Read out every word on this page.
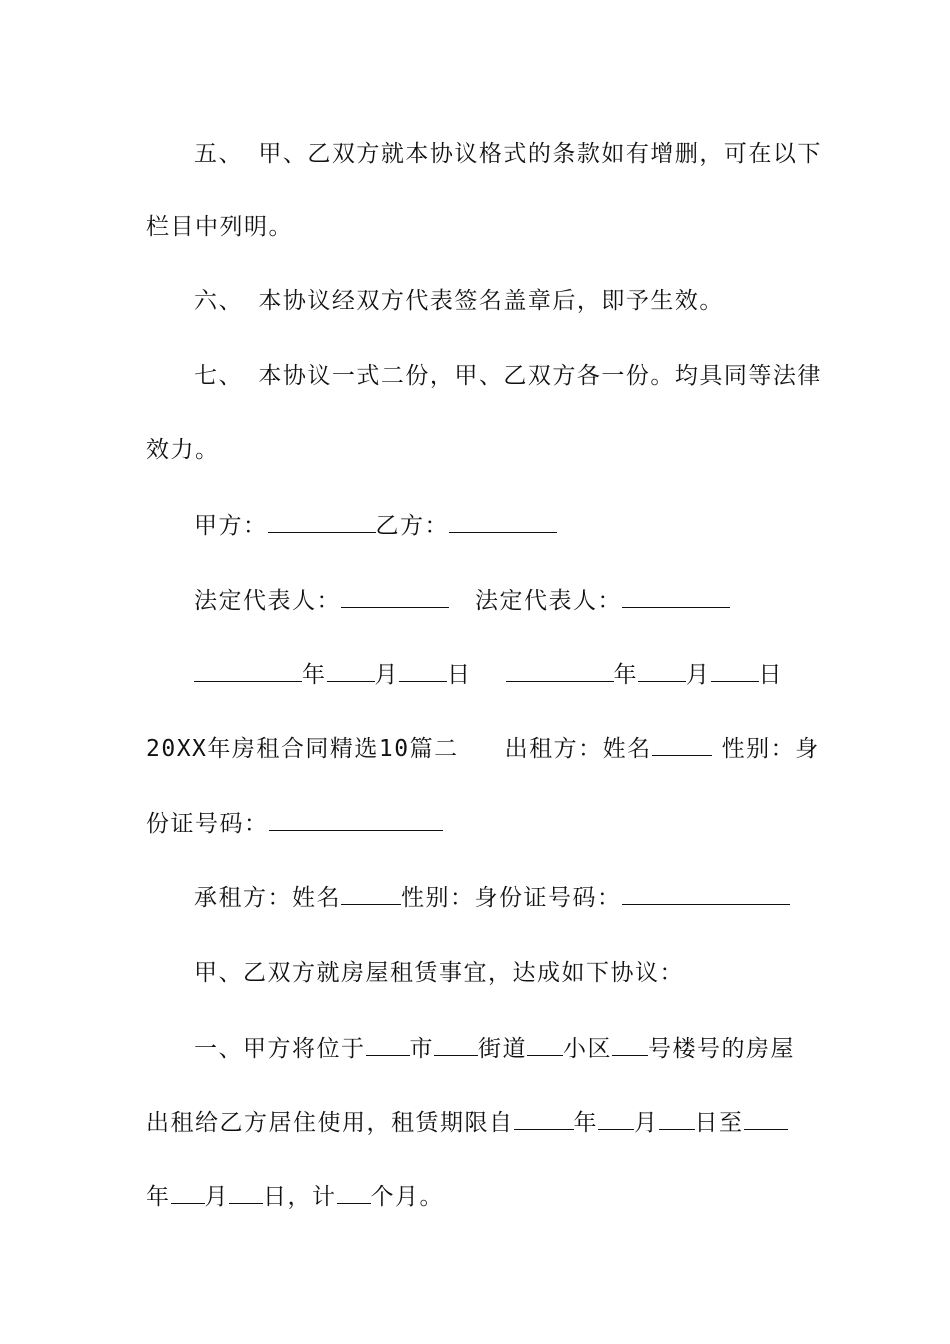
五、 甲、乙双方就本协议格式的条款如有增删，可在以下
栏目中列明。
六、 本协议经双方代表签名盖章后，即予生效。
七、 本协议一式二份，甲、乙双方各一份。均具同等法律
效力。
甲方：	乙方：
法定代表人：	法定代表人：
年 月 日	年 月 日
20XX年房租合同精选10篇二 出租方：姓名	性别：身
份证号码：
承租方：姓名	性别：身份证号码：
甲、乙双方就房屋租赁事宜，达成如下协议：
一、甲方将位于 市 街道 小区 号楼号的房屋
出租给乙方居住使用，租赁期限自	年 月 日至
年 月 日，计 个月。
